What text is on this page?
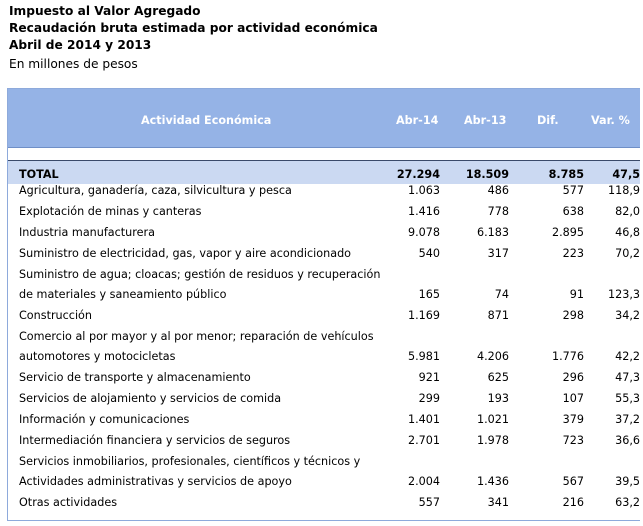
Impuesto al Valor Agregado
Recaudación bruta estimada por actividad económica
Abril de 2014 y 2013
En millones de pesos
Actividad Económica	Abr-14 Abr-13	Dif.	Var. %
TOTAL	27.294 18.509	8.785	47,5
Agricultura, ganadería, caza, silvicultura y pesca	1.063	486	577 118,9
Explotación de minas y canteras	1.416	778	638	82,0
Industria manufacturera	9.078	6.183	2.895	46,8
Suministro de electricidad, gas, vapor y aire acondicionado	540	317	223	70,2
Suministro de agua; cloacas; gestión de residuos y recuperación de materiales y saneamiento público	165	74	91 123,3
Construcción	1.169	871	298	34,2
Comercio al por mayor y al por menor; reparación de vehículos automotores y motocicletas	5.981	4.206	1.776	42,2
Servicio de transporte y almacenamiento	921	625	296	47,3
Servicios de alojamiento y servicios de comida	299	193	107	55,3
Información y comunicaciones	1.401	1.021	379	37,2
Intermediación financiera y servicios de seguros	2.701	1.978	723	36,6
Servicios inmobiliarios, profesionales, científicos y técnicos y Actividades administrativas y servicios de apoyo	2.004	1.436	567	39,5
Otras actividades	557	341	216	63,2
